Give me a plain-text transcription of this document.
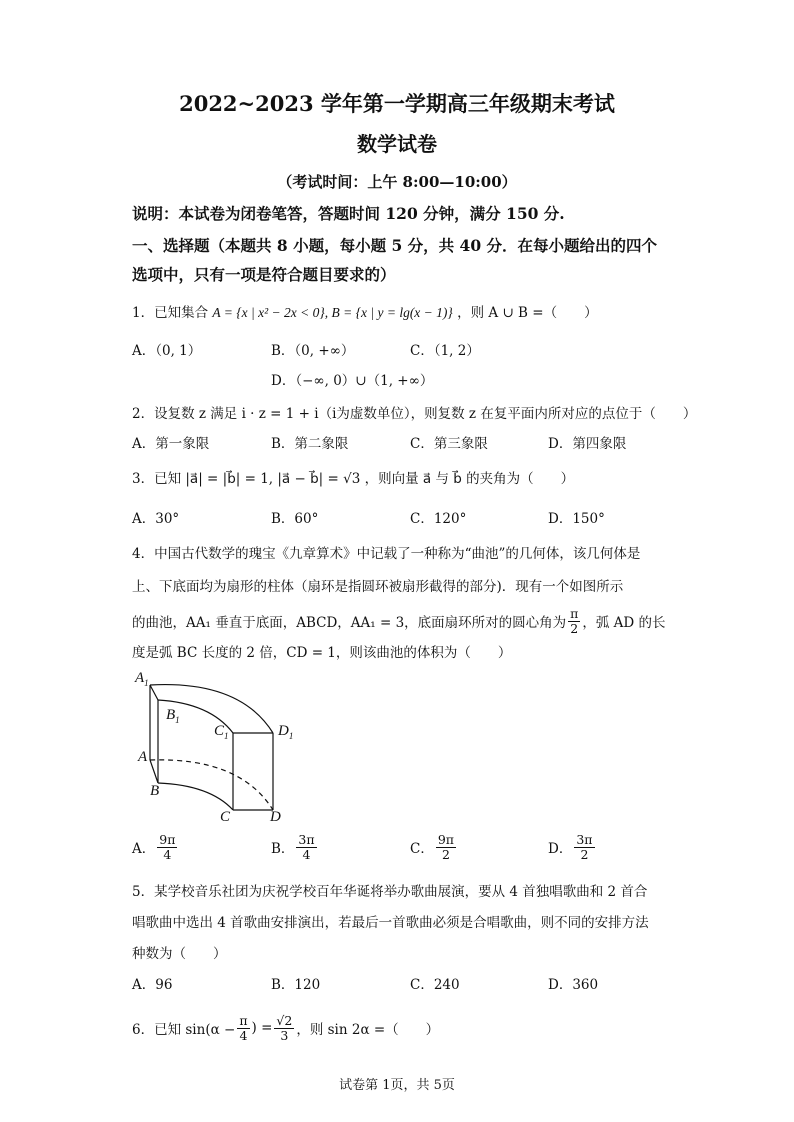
2022~2023 学年第一学期高三年级期末考试
数学试卷
（考试时间：上午 8:00—10:00）
说明：本试卷为闭卷笔答，答题时间 120 分钟，满分 150 分.
一、选择题（本题共 8 小题，每小题 5 分，共 40 分．在每小题给出的四个
选项中，只有一项是符合题目要求的）
1．已知集合 A = {x | x² − 2x < 0}, B = {x | y = lg(x − 1)} ，则 A ∪ B =（　　）
A．（0, 1）	B．（0, +∞）	C．（1, 2）
D．（−∞, 0）∪（1, +∞）
2．设复数 z 满足 i · z = 1 + i（i为虚数单位），则复数 z 在复平面内所对应的点位于（　　）
A．第一象限	B．第二象限	C．第三象限	D．第四象限
3．已知 |a⃗| = |b⃗| = 1, |a⃗ − b⃗| = √3 ，则向量 a⃗ 与 b⃗ 的夹角为（　　）
A．30°	B．60°	C．120°	D．150°
4．中国古代数学的瑰宝《九章算术》中记载了一种称为“曲池”的几何体，该几何体是
上、下底面均为扇形的柱体（扇环是指圆环被扇形截得的部分)．现有一个如图所示
的曲池，AA₁ 垂直于底面，ABCD，AA₁ = 3，底面扇环所对的圆心角为 $\frac{\pi}{2}$ ，弧 AD 的长
度是弧 BC 长度的 2 倍，CD = 1，则该曲池的体积为（　　）
$A_1$
$B_1$
$C_1$	$D_1$
A
B
C	D
A． $\frac{9\pi}{4}$	B． $\frac{3\pi}{4}$	C． $\frac{9\pi}{2}$	D． $\frac{3\pi}{2}$
5．某学校音乐社团为庆祝学校百年华诞将举办歌曲展演，要从 4 首独唱歌曲和 2 首合
唱歌曲中选出 4 首歌曲安排演出，若最后一首歌曲必须是合唱歌曲，则不同的安排方法
种数为（　　）
A．96	B．120	C．240	D．360
6．已知 $\sin(\alpha - \frac{\pi}{4}$ ) = $\frac{√2}{3}$ ，则 sin 2α =（　　）
试卷第 1页，共 5页
